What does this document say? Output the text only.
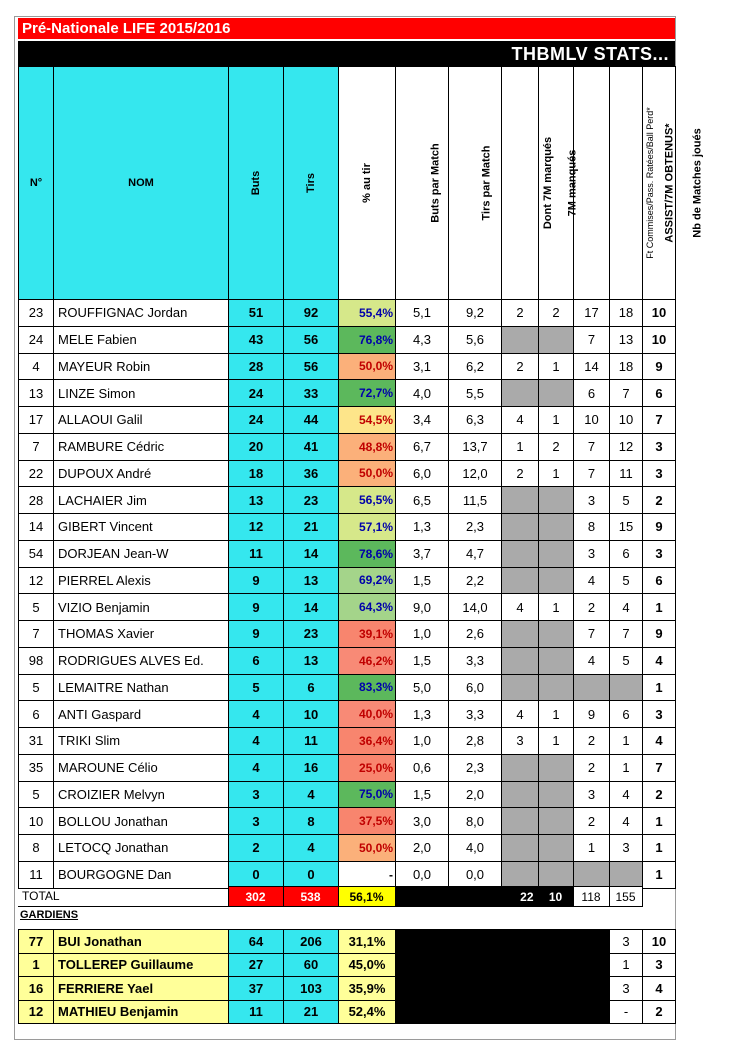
Pré-Nationale LIFE 2015/2016
THBMLV STATS...
N°	NOM	Buts	Tirs	% au tir	Buts par Match	Tirs par Match	Dont 7M marqués	7M manqués	Ft Commises/Pass. Ratées/Ball Perd*	ASSIST/7M OBTENUS*	Nb de Matches joués
23	ROUFFIGNAC Jordan	51	92	55,4%	5,1	9,2	2	2	17	18	10
24	MELE Fabien	43	56	76,8%	4,3	5,6			7	13	10
4	MAYEUR Robin	28	56	50,0%	3,1	6,2	2	1	14	18	9
13	LINZE Simon	24	33	72,7%	4,0	5,5			6	7	6
17	ALLAOUI Galil	24	44	54,5%	3,4	6,3	4	1	10	10	7
7	RAMBURE Cédric	20	41	48,8%	6,7	13,7	1	2	7	12	3
22	DUPOUX André	18	36	50,0%	6,0	12,0	2	1	7	11	3
28	LACHAIER Jim	13	23	56,5%	6,5	11,5			3	5	2
14	GIBERT Vincent	12	21	57,1%	1,3	2,3			8	15	9
54	DORJEAN Jean-W	11	14	78,6%	3,7	4,7			3	6	3
12	PIERREL Alexis	9	13	69,2%	1,5	2,2			4	5	6
5	VIZIO Benjamin	9	14	64,3%	9,0	14,0	4	1	2	4	1
7	THOMAS Xavier	9	23	39,1%	1,0	2,6			7	7	9
98	RODRIGUES ALVES Ed.	6	13	46,2%	1,5	3,3			4	5	4
5	LEMAITRE Nathan	5	6	83,3%	5,0	6,0					1
6	ANTI Gaspard	4	10	40,0%	1,3	3,3	4	1	9	6	3
31	TRIKI Slim	4	11	36,4%	1,0	2,8	3	1	2	1	4
35	MAROUNE Célio	4	16	25,0%	0,6	2,3			2	1	7
5	CROIZIER Melvyn	3	4	75,0%	1,5	2,0			3	4	2
10	BOLLOU Jonathan	3	8	37,5%	3,0	8,0			2	4	1
8	LETOCQ Jonathan	2	4	50,0%	2,0	4,0			1	3	1
11	BOURGOGNE Dan	0	0	-	0,0	0,0					1
TOTAL	302	538	56,1%		22	10	118	155	
GARDIENS
77	BUI Jonathan	64	206	31,1%		3	10
1	TOLLEREP Guillaume	27	60	45,0%		1	3
16	FERRIERE Yael	37	103	35,9%		3	4
12	MATHIEU Benjamin	11	21	52,4%		-	2
